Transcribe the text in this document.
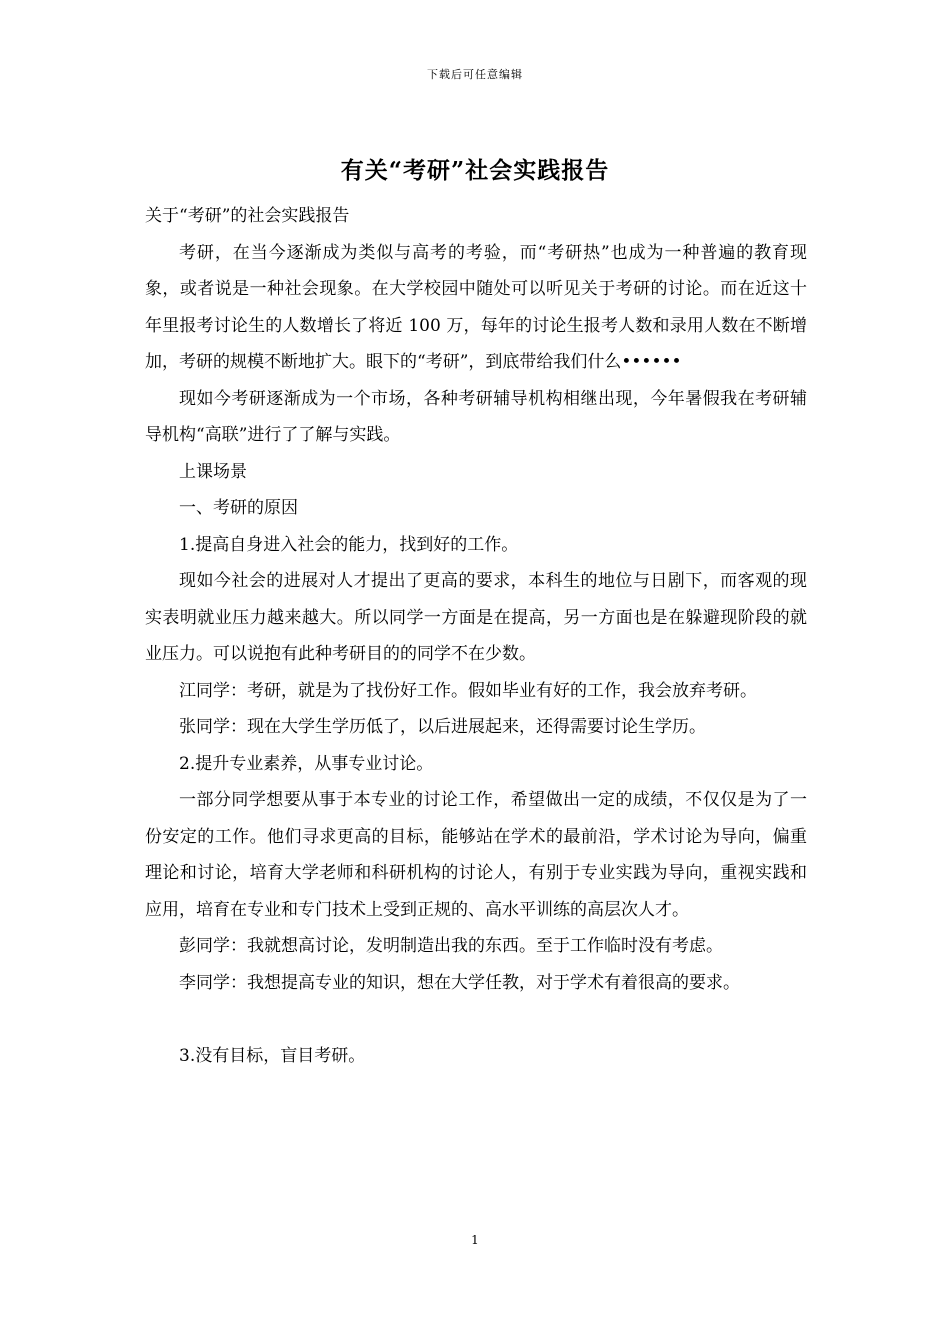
下载后可任意编辑
有关“考研”社会实践报告

关于“考研”的社会实践报告

考研，在当今逐渐成为类似与高考的考验，而“考研热”也成为一种普遍的教育现象，或者说是一种社会现象。在大学校园中随处可以听见关于考研的讨论。而在近这十年里报考讨论生的人数增长了将近 100 万，每年的讨论生报考人数和录用人数在不断增加，考研的规模不断地扩大。眼下的“考研”，到底带给我们什么••••••

现如今考研逐渐成为一个市场，各种考研辅导机构相继出现，今年暑假我在考研辅导机构“高联”进行了了解与实践。

上课场景

一、考研的原因

1.提高自身进入社会的能力，找到好的工作。

现如今社会的进展对人才提出了更高的要求，本科生的地位与日剧下，而客观的现实表明就业压力越来越大。所以同学一方面是在提高，另一方面也是在躲避现阶段的就业压力。可以说抱有此种考研目的的同学不在少数。

江同学：考研，就是为了找份好工作。假如毕业有好的工作，我会放弃考研。

张同学：现在大学生学历低了，以后进展起来，还得需要讨论生学历。

2.提升专业素养，从事专业讨论。

一部分同学想要从事于本专业的讨论工作，希望做出一定的成绩，不仅仅是为了一份安定的工作。他们寻求更高的目标，能够站在学术的最前沿，学术讨论为导向，偏重理论和讨论，培育大学老师和科研机构的讨论人，有别于专业实践为导向，重视实践和应用，培育在专业和专门技术上受到正规的、高水平训练的高层次人才。

彭同学：我就想高讨论，发明制造出我的东西。至于工作临时没有考虑。

李同学：我想提高专业的知识，想在大学任教，对于学术有着很高的要求。

3.没有目标，盲目考研。

1
